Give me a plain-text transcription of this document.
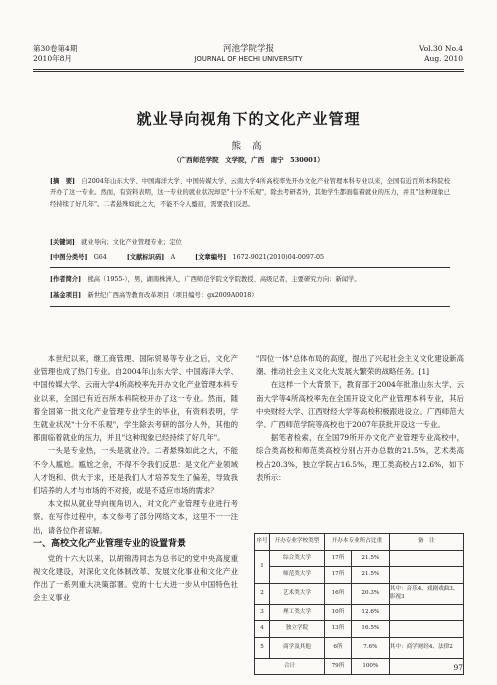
第30卷第4期
2010年8月
河池学院学报
JOURNAL OF HECHI UNIVERSITY
Vol.30 No.4
Aug. 2010
就业导向视角下的文化产业管理
熊 高
（广西师范学院　文学院，广西　南宁　530001）
[摘　要]　 自2004年山东大学、中国海洋大学、中国传媒大学、云南大学4所高校率先开办文化产业管理本科专业以来，全国有近百所本科院校开办了这一专业。然而，有资料表明，这一专业的就业状况却是"十分不乐观"，除去考研者外，其他学生都面临着就业的压力，并且"这种现象已经持续了好几年"。二者悬殊如此之大，不能不令人蹙眉，需要我们反思。
[关键词]　 就业导向；文化产业管理专业；定位
[中图分类号]　 G64	[文献标识码]　 A	[文章编号]　 1672-9021(2010)04-0097-05
[作者简介]　 熊高（1955-），男，湖南株洲人，广西师范学院文学院教授、高级记者，主要研究方向：新闻学。
[基金项目]　 新世纪广西高等教育改革项目（项目编号：gx2009A0018）

本世纪以来，继工商管理、国际贸易等专业之后，文化产业管理也成了热门专业。自2004年山东大学、中国海洋大学、中国传媒大学、云南大学4所高校率先开办文化产业管理本科专业以来，全国已有近百所本科院校开办了这一专业。然而，随着全国第一批文化产业管理专业学生的毕业，有资料表明，学生就业状况"十分不乐观"，学生除去考研的部分人外，其他的都面临着就业的压力，并且"这种现象已经持续了好几年"。

一头是专业热，一头是就业冷。二者悬殊如此之大，不能不令人尴尬。尴尬之余，不得不令我们反思：是文化产业领域人才饱和、供大于求，还是我们人才培养发生了偏差，导致我们培养的人才与市场的不对接，或是不适应市场的需求？

本文拟从就业导向视角切入，对文化产业管理专业进行考察。在写作过程中，本文参考了部分网络文本，这里不一一注出，请各位作者谅解。

一、高校文化产业管理专业的设置背景

党的十六大以来，以胡锦涛同志为总书记的党中央高度重视文化建设，对深化文化体制改革、发展文化事业和文化产业作出了一系列重大决策部署。党的十七大进一步从中国特色社会主义事业

"四位一体"总体布局的高度，提出了兴起社会主义文化建设新高潮、推动社会主义文化大发展大繁荣的战略任务。[1]

在这样一个大背景下，教育部于2004年批准山东大学、云南大学等4所高校率先在全国开设文化产业管理本科专业，其后中央财经大学、江西财经大学等高校积极跟进设立。广西师范大学、广西师范学院等高校也于2007年获批开设这一专业。

据笔者检索，在全国79所开办文化产业管理专业高校中，综合类高校和师范类高校分别占开办总数的21.5%，艺术类高校占20.3%，独立学院占16.5%，理工类高校占12.6%，如下表所示：

序号	开办专业学校类型	开办本专业所占比重		备　注
1	综合类大学	17所	21.5%	
	师范类大学	17所	21.5%	
2	艺术类大学	16所	20.3%	其中：音乐4、戏剧戏曲3、影视3
3	理工类大学	10所	12.6%	
4	独立学院	13所	16.5%	
5	商学及其他	6所	7.6%	其中：商学财经4、法律2
合计		79所	100%		97
